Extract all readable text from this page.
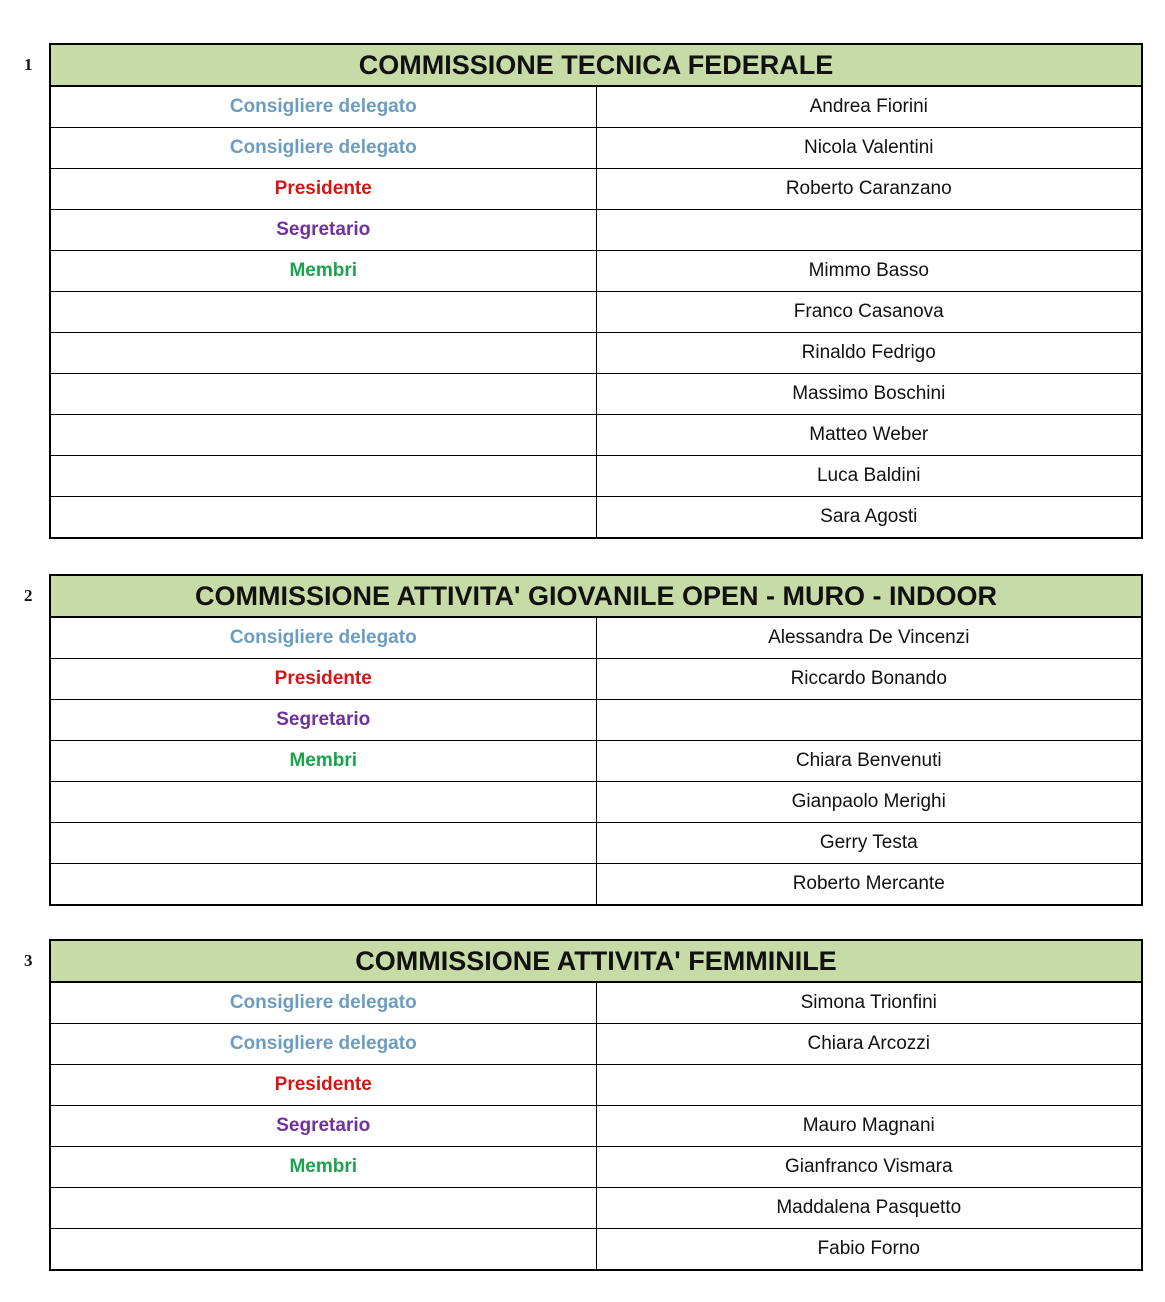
1	COMMISSIONE TECNICA FEDERALE	
Consigliere delegato	Andrea Fiorini
Consigliere delegato	Nicola Valentini
Presidente	Roberto Caranzano
Segretario	
Membri	Mimmo Basso
	Franco Casanova
	Rinaldo Fedrigo
	Massimo Boschini
	Matteo Weber
	Luca Baldini
	Sara Agosti
2	COMMISSIONE ATTIVITA' GIOVANILE OPEN - MURO - INDOOR	
Consigliere delegato	Alessandra De Vincenzi
Presidente	Riccardo Bonando
Segretario	
Membri	Chiara Benvenuti
	Gianpaolo Merighi
	Gerry Testa
	Roberto Mercante
3	COMMISSIONE ATTIVITA' FEMMINILE	
Consigliere delegato	Simona Trionfini
Consigliere delegato	Chiara Arcozzi
Presidente	
Segretario	Mauro Magnani
Membri	Gianfranco Vismara
	Maddalena Pasquetto
	Fabio Forno
